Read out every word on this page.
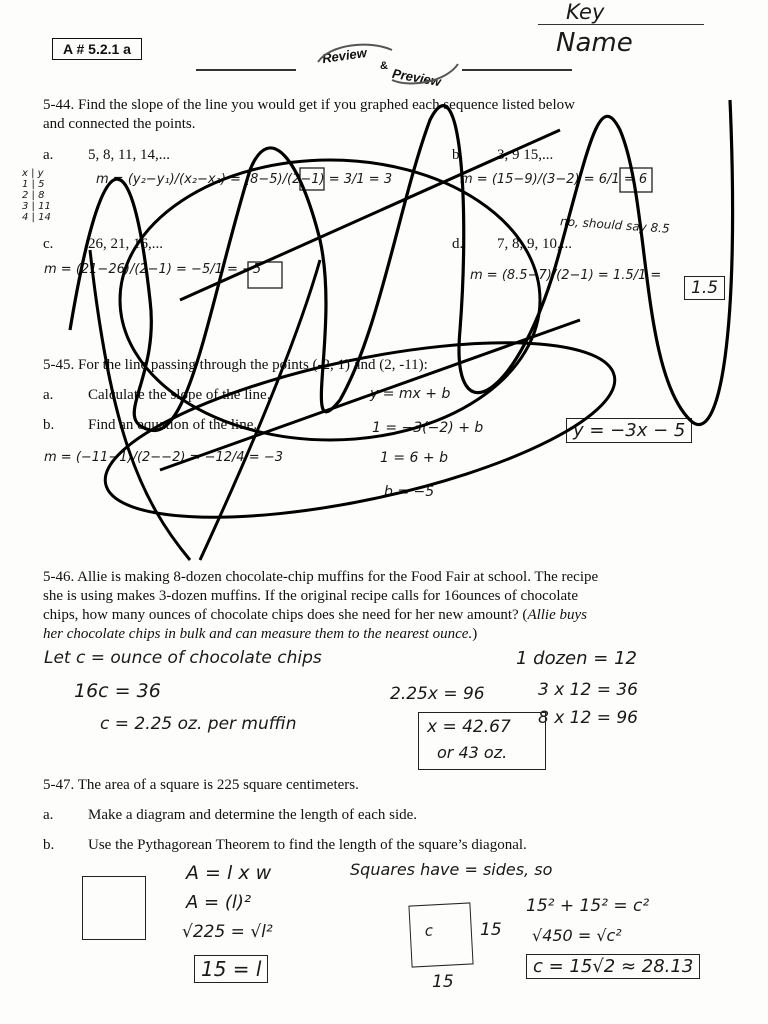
A # 5.2.1 a	Review & Preview
Key
Name
5-44. Find the slope of the line you would get if you graphed each sequence listed below
and connected the points.
a. 5, 8, 11, 14,...	b. 3, 9 15,...
c. 26, 21, 16,...	d. 7, 8, 9, 10,...
x | y
1 | 5
2 | 8
3 | 11
4 | 14
m = (y₂−y₁)/(x₂−x₁) = (8−5)/(2−1) = 3/1 = 3	m = (15−9)/(3−2) = 6/1 = 6
m = (21−26)/(2−1) = −5/1 = −5	m = (8.5−7)/(2−1) = 1.5/1 =
1.5
no, should say 8.5
5-45. For the line passing through the points (-2, 1) and (2, -11):
a. Calculate the slope of the line.
b. Find an equation of the line.
m = (−11−1)/(2−−2) = −12/4 = −3
y = mx + b
1 = −3(−2) + b
1 = 6 + b
b = −5
y = −3x − 5
5-46. Allie is making 8-dozen chocolate-chip muffins for the Food Fair at school. The recipe
she is using makes 3-dozen muffins. If the original recipe calls for 16ounces of chocolate
chips, how many ounces of chocolate chips does she need for her new amount? (Allie buys
her chocolate chips in bulk and can measure them to the nearest ounce.)
Let c = ounce of chocolate chips
16c = 36
c = 2.25 oz. per muffin
1 dozen = 12
3 x 12 = 36
8 x 12 = 96
2.25x = 96
x = 42.67
or 43 oz.
5-47. The area of a square is 225 square centimeters.
a. Make a diagram and determine the length of each side.
b. Use the Pythagorean Theorem to find the length of the square’s diagonal.
A = l x w
A = (l)²
√225 = √l²
15 = l
Squares have = sides, so
c	15
15
15² + 15² = c²
√450 = √c²
c = 15√2 ≈ 28.13
